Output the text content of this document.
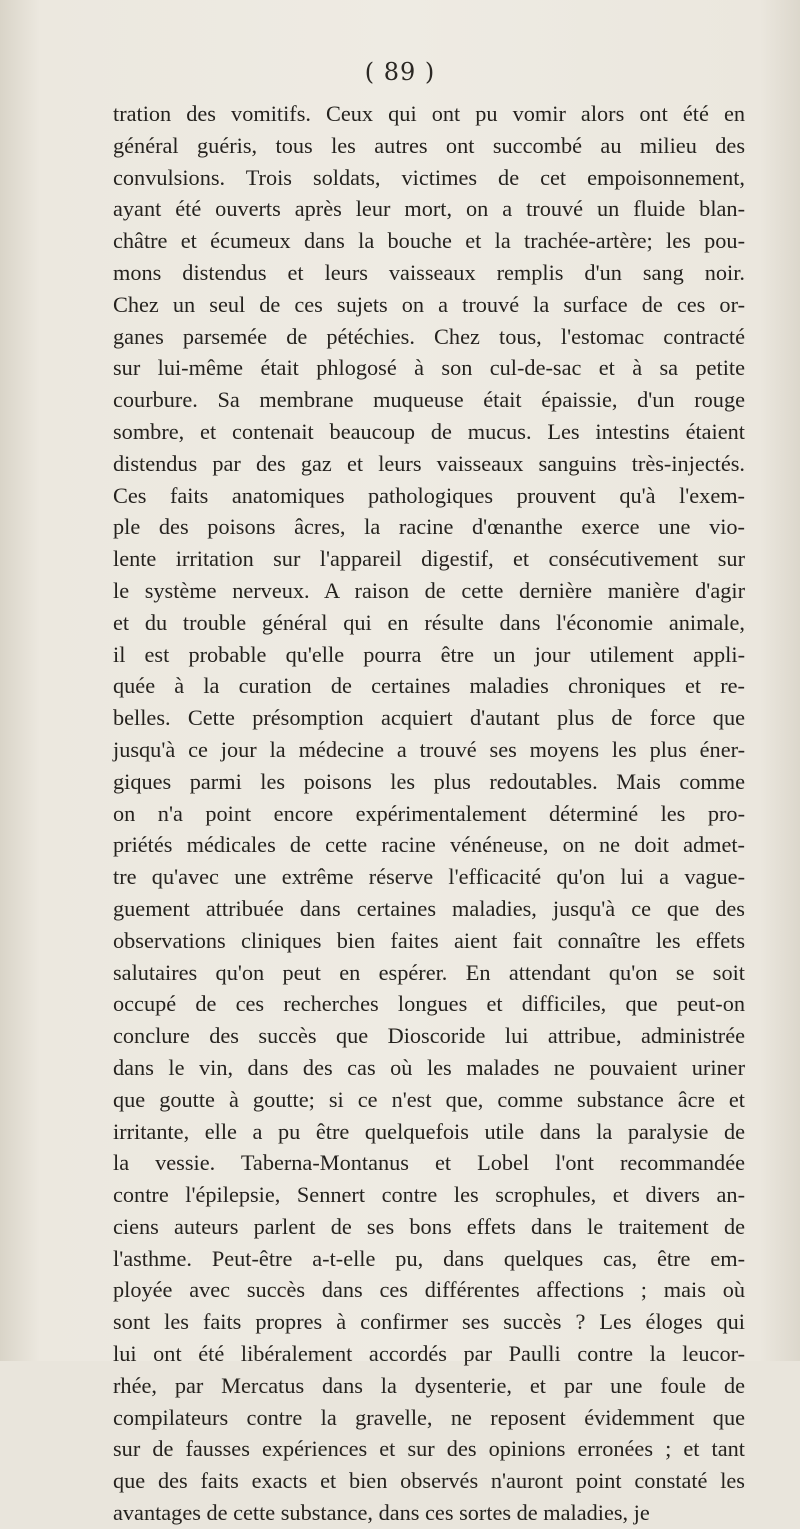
( 89 )
tration des vomitifs. Ceux qui ont pu vomir alors ont été en
général guéris, tous les autres ont succombé au milieu des
convulsions. Trois soldats, victimes de cet empoisonnement,
ayant été ouverts après leur mort, on a trouvé un fluide blan-
châtre et écumeux dans la bouche et la trachée-artère; les pou-
mons distendus et leurs vaisseaux remplis d'un sang noir.
Chez un seul de ces sujets on a trouvé la surface de ces or-
ganes parsemée de pétéchies. Chez tous, l'estomac contracté
sur lui-même était phlogosé à son cul-de-sac et à sa petite
courbure. Sa membrane muqueuse était épaissie, d'un rouge
sombre, et contenait beaucoup de mucus. Les intestins étaient
distendus par des gaz et leurs vaisseaux sanguins très-injectés.
Ces faits anatomiques pathologiques prouvent qu'à l'exem-
ple des poisons âcres, la racine d'œnanthe exerce une vio-
lente irritation sur l'appareil digestif, et consécutivement sur
le système nerveux. A raison de cette dernière manière d'agir
et du trouble général qui en résulte dans l'économie animale,
il est probable qu'elle pourra être un jour utilement appli-
quée à la curation de certaines maladies chroniques et re-
belles. Cette présomption acquiert d'autant plus de force que
jusqu'à ce jour la médecine a trouvé ses moyens les plus éner-
giques parmi les poisons les plus redoutables. Mais comme
on n'a point encore expérimentalement déterminé les pro-
priétés médicales de cette racine vénéneuse, on ne doit admet-
tre qu'avec une extrême réserve l'efficacité qu'on lui a vague-
guement attribuée dans certaines maladies, jusqu'à ce que des
observations cliniques bien faites aient fait connaître les effets
salutaires qu'on peut en espérer. En attendant qu'on se soit
occupé de ces recherches longues et difficiles, que peut-on
conclure des succès que Dioscoride lui attribue, administrée
dans le vin, dans des cas où les malades ne pouvaient uriner
que goutte à goutte; si ce n'est que, comme substance âcre et
irritante, elle a pu être quelquefois utile dans la paralysie de
la vessie. Taberna-Montanus et Lobel l'ont recommandée
contre l'épilepsie, Sennert contre les scrophules, et divers an-
ciens auteurs parlent de ses bons effets dans le traitement de
l'asthme. Peut-être a-t-elle pu, dans quelques cas, être em-
ployée avec succès dans ces différentes affections ; mais où
sont les faits propres à confirmer ses succès ? Les éloges qui
lui ont été libéralement accordés par Paulli contre la leucor-
rhée, par Mercatus dans la dysenterie, et par une foule de
compilateurs contre la gravelle, ne reposent évidemment que
sur de fausses expériences et sur des opinions erronées ; et tant
que des faits exacts et bien observés n'auront point constaté les
avantages de cette substance, dans ces sortes de maladies, je
